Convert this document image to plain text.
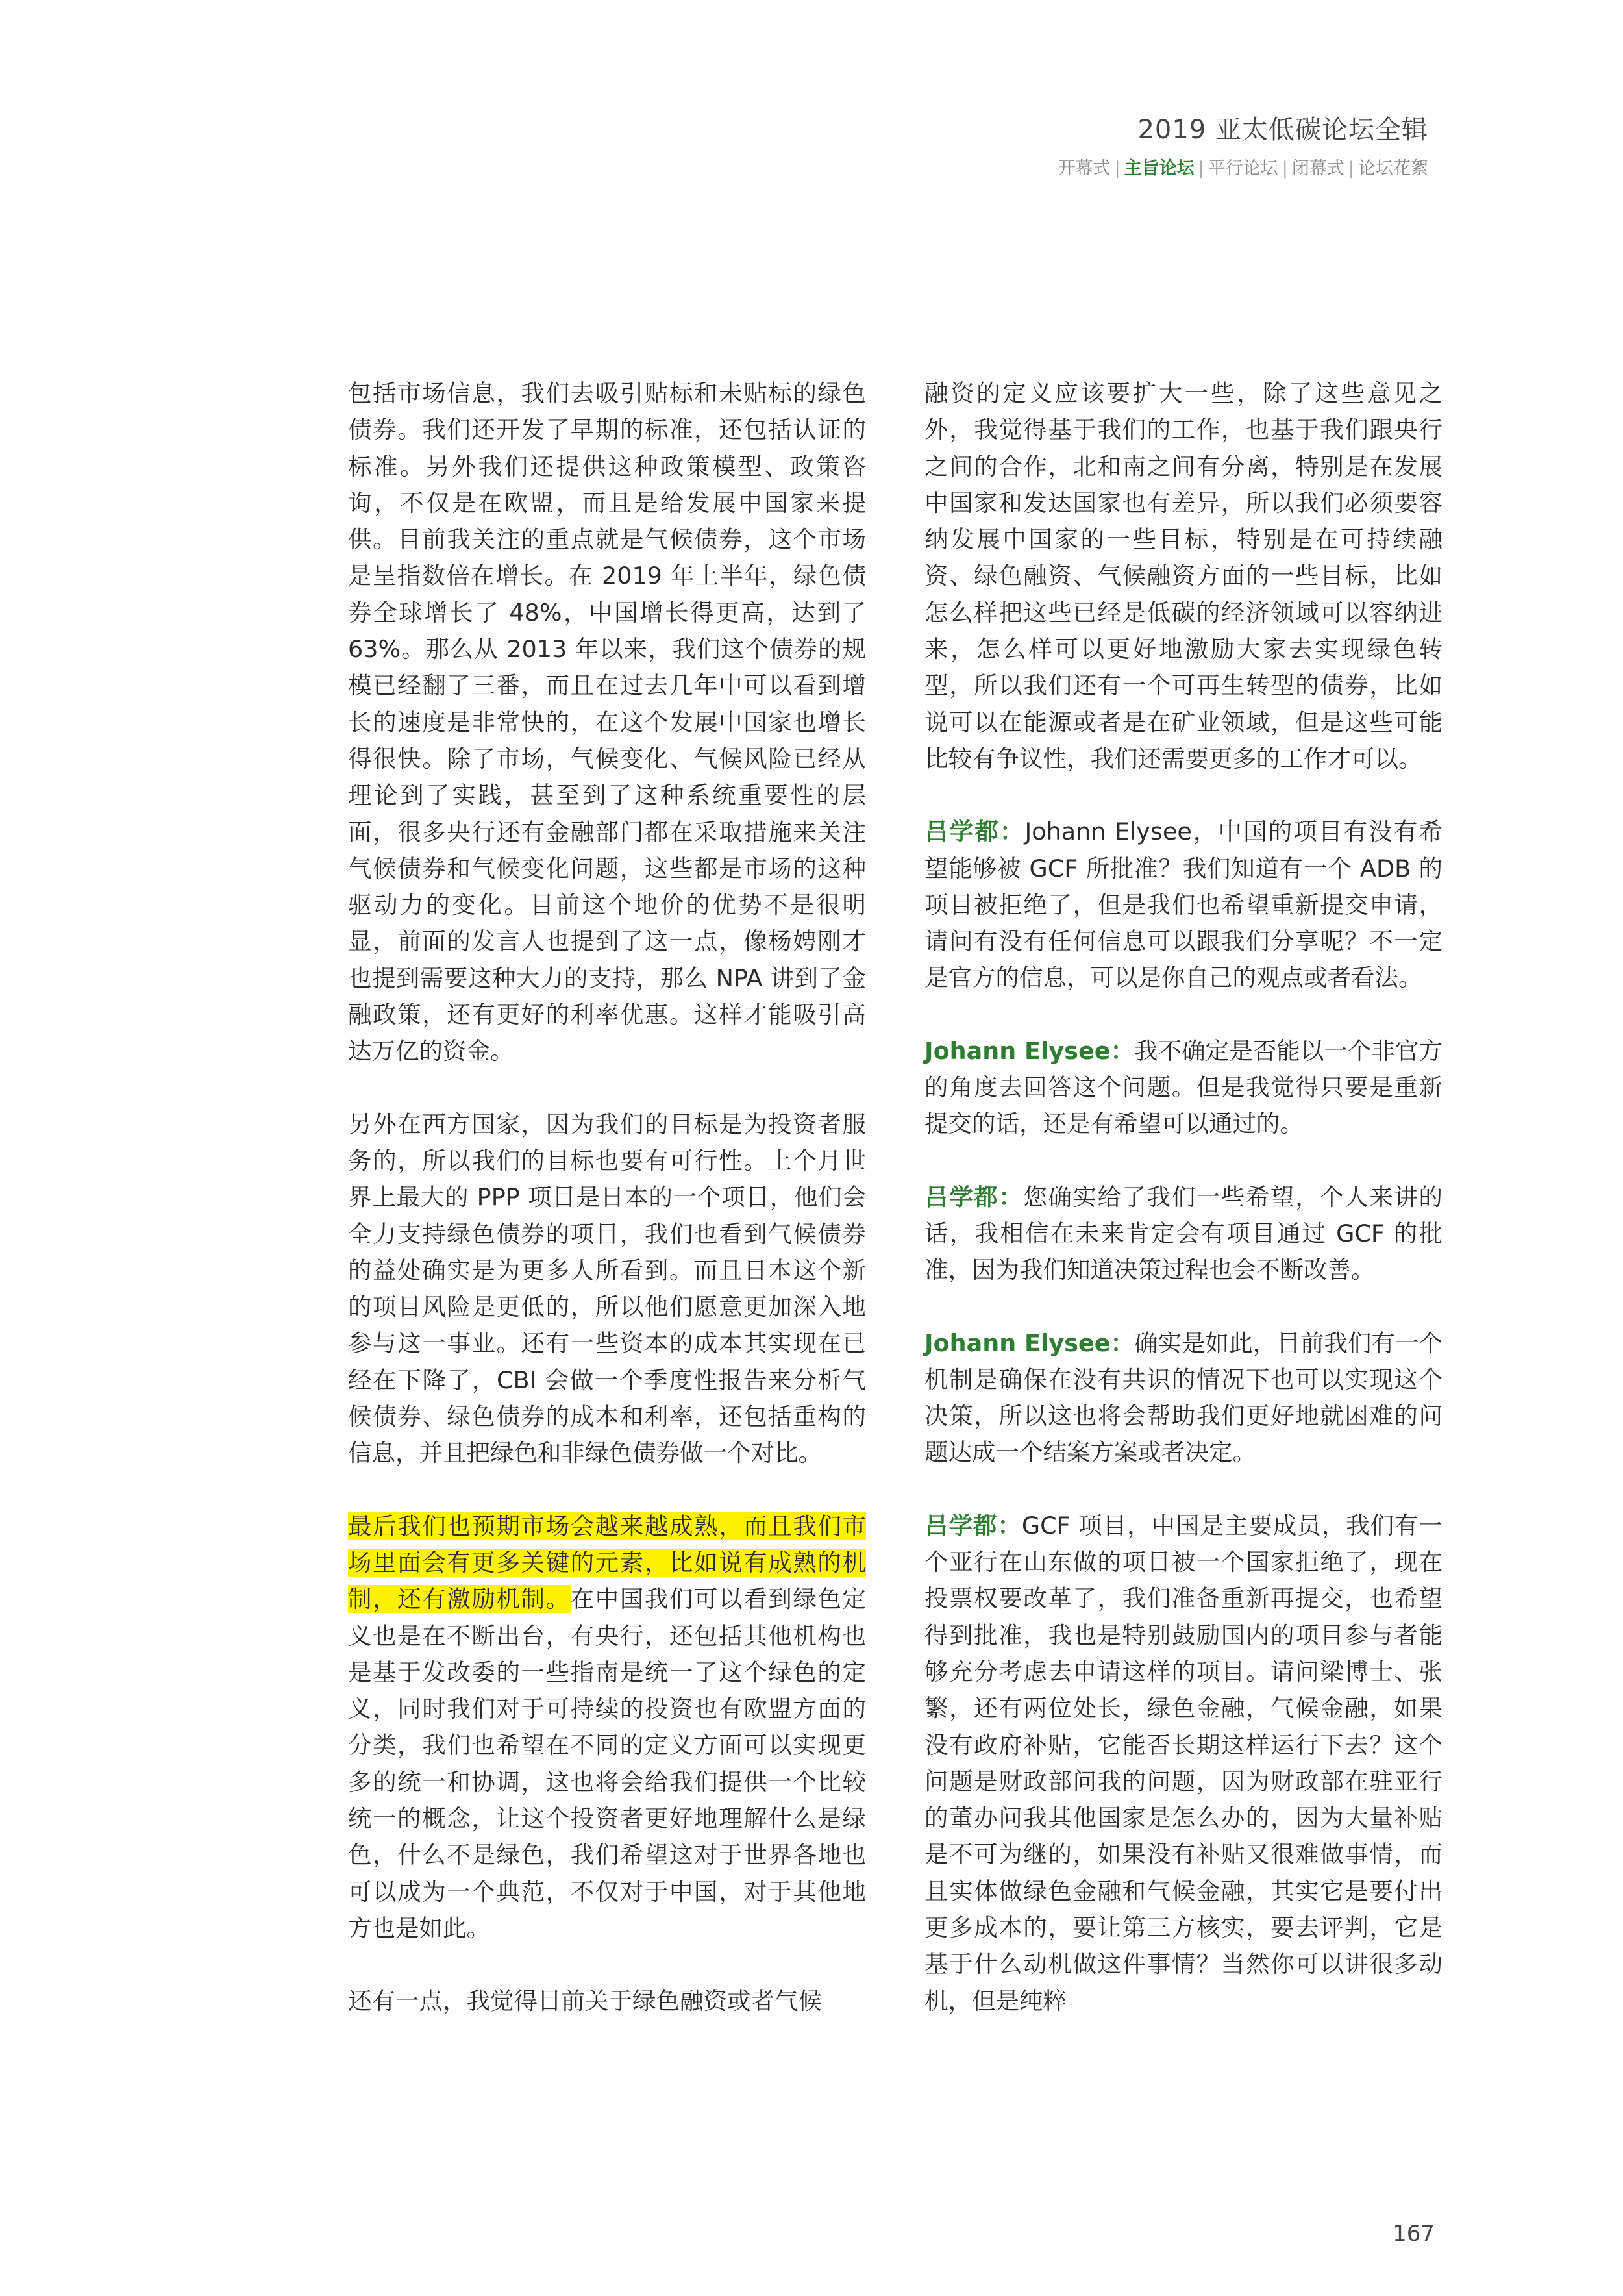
2019 亚太低碳论坛全辑
开幕式 | 主旨论坛 | 平行论坛 | 闭幕式 | 论坛花絮

包括市场信息，我们去吸引贴标和未贴标的绿色债券。我们还开发了早期的标准，还包括认证的标准。另外我们还提供这种政策模型、政策咨询，不仅是在欧盟，而且是给发展中国家来提供。目前我关注的重点就是气候债券，这个市场是呈指数倍在增长。在 2019 年上半年，绿色债券全球增长了 48%，中国增长得更高，达到了 63%。那么从 2013 年以来，我们这个债券的规模已经翻了三番，而且在过去几年中可以看到增长的速度是非常快的，在这个发展中国家也增长得很快。除了市场，气候变化、气候风险已经从理论到了实践，甚至到了这种系统重要性的层面，很多央行还有金融部门都在采取措施来关注气候债券和气候变化问题，这些都是市场的这种驱动力的变化。目前这个地价的优势不是很明显，前面的发言人也提到了这一点，像杨娉刚才也提到需要这种大力的支持，那么 NPA 讲到了金融政策，还有更好的利率优惠。这样才能吸引高达万亿的资金。

另外在西方国家，因为我们的目标是为投资者服务的，所以我们的目标也要有可行性。上个月世界上最大的 PPP 项目是日本的一个项目，他们会全力支持绿色债券的项目，我们也看到气候债券的益处确实是为更多人所看到。而且日本这个新的项目风险是更低的，所以他们愿意更加深入地参与这一事业。还有一些资本的成本其实现在已经在下降了，CBI 会做一个季度性报告来分析气候债券、绿色债券的成本和利率，还包括重构的信息，并且把绿色和非绿色债券做一个对比。

最后我们也预期市场会越来越成熟，而且我们市场里面会有更多关键的元素，比如说有成熟的机制，还有激励机制。在中国我们可以看到绿色定义也是在不断出台，有央行，还包括其他机构也是基于发改委的一些指南是统一了这个绿色的定义，同时我们对于可持续的投资也有欧盟方面的分类，我们也希望在不同的定义方面可以实现更多的统一和协调，这也将会给我们提供一个比较统一的概念，让这个投资者更好地理解什么是绿色，什么不是绿色，我们希望这对于世界各地也可以成为一个典范，不仅对于中国，对于其他地方也是如此。

还有一点，我觉得目前关于绿色融资或者气候

融资的定义应该要扩大一些，除了这些意见之外，我觉得基于我们的工作，也基于我们跟央行之间的合作，北和南之间有分离，特别是在发展中国家和发达国家也有差异，所以我们必须要容纳发展中国家的一些目标，特别是在可持续融资、绿色融资、气候融资方面的一些目标，比如怎么样把这些已经是低碳的经济领域可以容纳进来，怎么样可以更好地激励大家去实现绿色转型，所以我们还有一个可再生转型的债券，比如说可以在能源或者是在矿业领域，但是这些可能比较有争议性，我们还需要更多的工作才可以。

吕学都：Johann Elysee，中国的项目有没有希望能够被 GCF 所批准？我们知道有一个 ADB 的项目被拒绝了，但是我们也希望重新提交申请，请问有没有任何信息可以跟我们分享呢？不一定是官方的信息，可以是你自己的观点或者看法。

Johann Elysee：我不确定是否能以一个非官方的角度去回答这个问题。但是我觉得只要是重新提交的话，还是有希望可以通过的。

吕学都：您确实给了我们一些希望，个人来讲的话，我相信在未来肯定会有项目通过 GCF 的批准，因为我们知道决策过程也会不断改善。

Johann Elysee：确实是如此，目前我们有一个机制是确保在没有共识的情况下也可以实现这个决策，所以这也将会帮助我们更好地就困难的问题达成一个结案方案或者决定。

吕学都：GCF 项目，中国是主要成员，我们有一个亚行在山东做的项目被一个国家拒绝了，现在投票权要改革了，我们准备重新再提交，也希望得到批准，我也是特别鼓励国内的项目参与者能够充分考虑去申请这样的项目。请问梁博士、张繁，还有两位处长，绿色金融，气候金融，如果没有政府补贴，它能否长期这样运行下去？这个问题是财政部问我的问题，因为财政部在驻亚行的董办问我其他国家是怎么办的，因为大量补贴是不可为继的，如果没有补贴又很难做事情，而且实体做绿色金融和气候金融，其实它是要付出更多成本的，要让第三方核实，要去评判，它是基于什么动机做这件事情？当然你可以讲很多动机，但是纯粹

167
